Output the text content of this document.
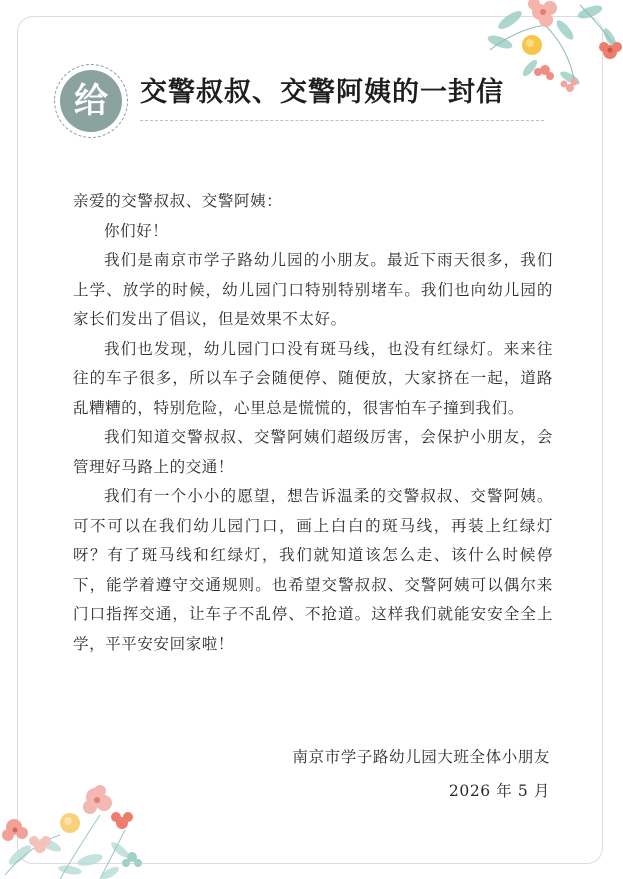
给	交警叔叔、交警阿姨的一封信

亲爱的交警叔叔、交警阿姨：

你们好！

我们是南京市学子路幼儿园的小朋友。最近下雨天很多，我们上学、放学的时候，幼儿园门口特别特别堵车。我们也向幼儿园的家长们发出了倡议，但是效果不太好。

我们也发现，幼儿园门口没有斑马线，也没有红绿灯。来来往往的车子很多，所以车子会随便停、随便放，大家挤在一起，道路乱糟糟的，特别危险，心里总是慌慌的，很害怕车子撞到我们。

我们知道交警叔叔、交警阿姨们超级厉害，会保护小朋友，会管理好马路上的交通！

我们有一个小小的愿望，想告诉温柔的交警叔叔、交警阿姨。可不可以在我们幼儿园门口，画上白白的斑马线，再装上红绿灯呀？有了斑马线和红绿灯，我们就知道该怎么走、该什么时候停下，能学着遵守交通规则。也希望交警叔叔、交警阿姨可以偶尔来门口指挥交通，让车子不乱停、不抢道。这样我们就能安安全全上学，平平安安回家啦！

南京市学子路幼儿园大班全体小朋友
2026 年 5 月
